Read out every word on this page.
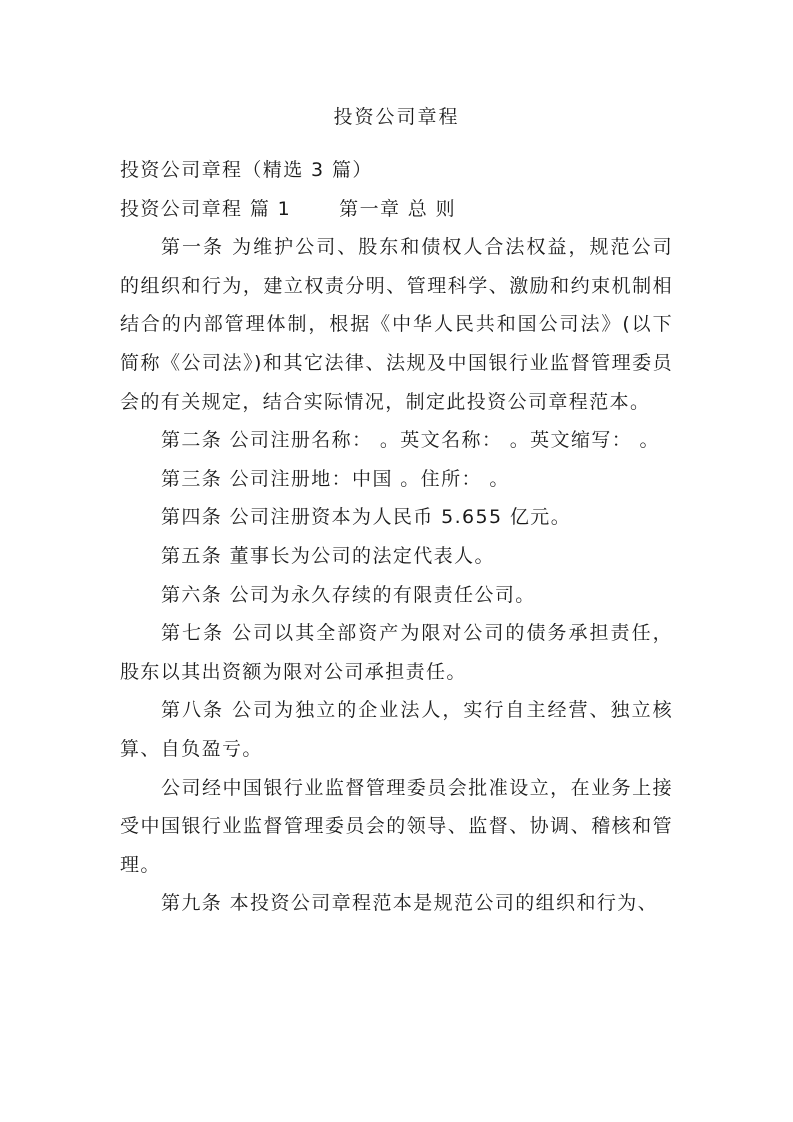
投资公司章程

投资公司章程（精选 3 篇）

投资公司章程 篇 1	第一章 总 则

第一条 为维护公司、股东和债权人合法权益，规范公司的组织和行为，建立权责分明、管理科学、激励和约束机制相结合的内部管理体制，根据《中华人民共和国公司法》(以下简称《公司法》)和其它法律、法规及中国银行业监督管理委员会的有关规定，结合实际情况，制定此投资公司章程范本。

第二条 公司注册名称： 。英文名称： 。英文缩写： 。

第三条 公司注册地：中国 。住所： 。

第四条 公司注册资本为人民币 5.655 亿元。

第五条 董事长为公司的法定代表人。

第六条 公司为永久存续的有限责任公司。

第七条 公司以其全部资产为限对公司的债务承担责任，股东以其出资额为限对公司承担责任。

第八条 公司为独立的企业法人，实行自主经营、独立核算、自负盈亏。

公司经中国银行业监督管理委员会批准设立，在业务上接受中国银行业监督管理委员会的领导、监督、协调、稽核和管理。

第九条 本投资公司章程范本是规范公司的组织和行为、
